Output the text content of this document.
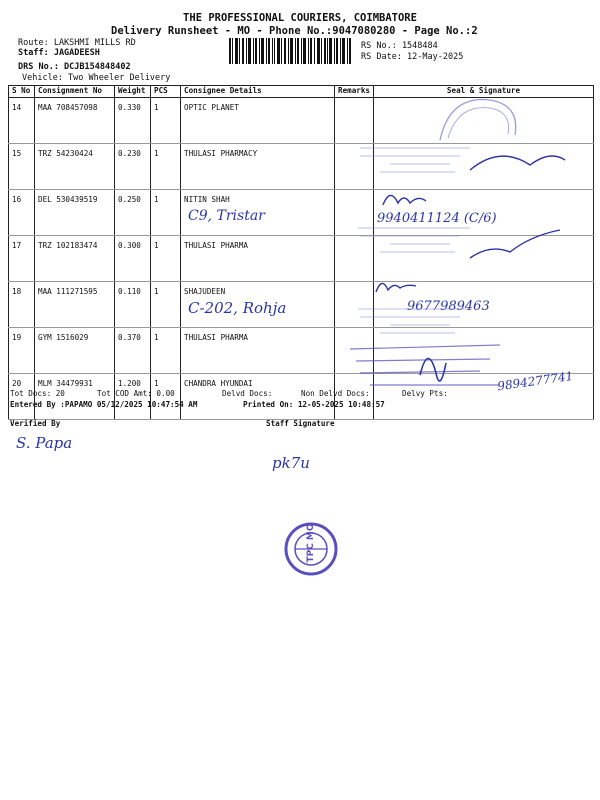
THE PROFESSIONAL COURIERS, COIMBATORE
Delivery Runsheet - MO - Phone No.:9047080280 - Page No.:2
Route: LAKSHMI MILLS RD
Staff: JAGADEESH
DRS No.: DCJB154848402
Vehicle: Two Wheeler Delivery
RS No.: 1548484
RS Date: 12-May-2025
S No	Consignment No	Weight	PCS	Consignee Details	Remarks	Seal & Signature
14	MAA 708457098	0.330	1	OPTIC PLANET		
15	TRZ 54230424	0.230	1	THULASI PHARMACY		
16	DEL 530439519	0.250	1	NITIN SHAH
C9, Tristar		9940411124 (C/6)

17	TRZ 102183474	0.300	1	THULASI PHARMA		
18	MAA 111271595	0.110	1	SHAJUDEEN
C-202, Rohja		9677989463

19	GYM 1516029	0.370	1	THULASI PHARMA		
20	MLM 34479931	1.200	1	CHANDRA HYUNDAI		9894277741
Tot Docs: 20	Tot COD Amt: 0.00	Delvd Docs:	Non Delvd Docs:	Delvy Pts:
Entered By :PAPAMO 05/12/2025 10:47:54 AM	Printed On: 12-05-2025 10:48:57
Verified By	Staff Signature
S. Papa
pk7u
TPC MO
